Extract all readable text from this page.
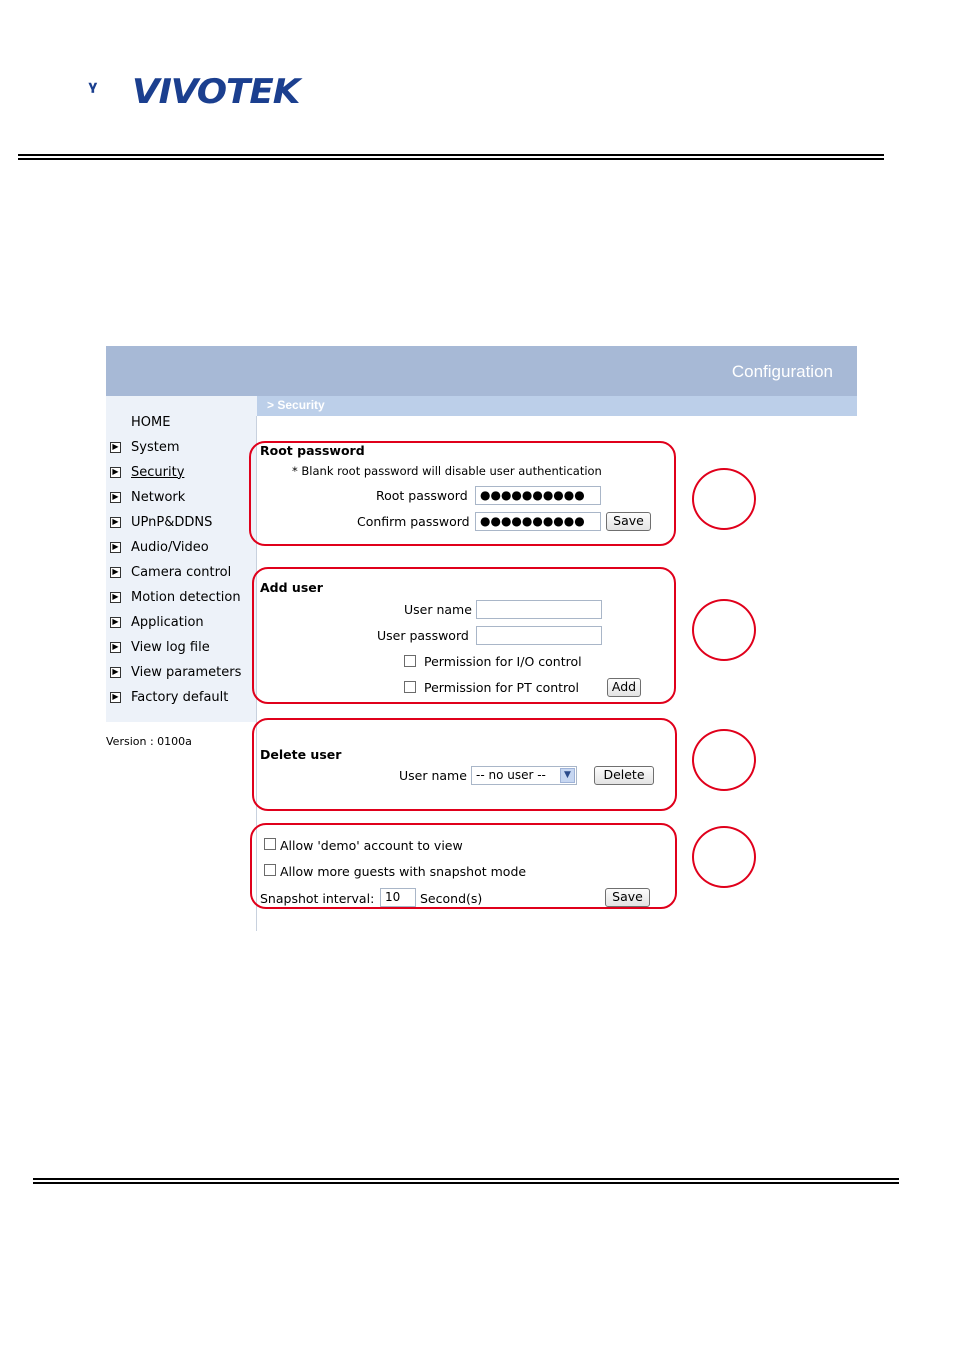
VIVOTEK
Configuration
> Security
HOME
▶ System
▶ Security
▶ Network
▶ UPnP&DDNS
▶ Audio/Video
▶ Camera control
▶ Motion detection
▶ Application
▶ View log file
▶ View parameters
▶ Factory default
Version : 0100a
Root password
* Blank root password will disable user authentication
Root password	●●●●●●●●●●
Confirm password ●●●●●●●●●●	Save
Add user
User name
User password
Permission for I/O control
Permission for PT control	Add
Delete user
User name -- no user --	▼	Delete
Allow 'demo' account to view
Allow more guests with snapshot mode
Snapshot interval: 10	Second(s)	Save
